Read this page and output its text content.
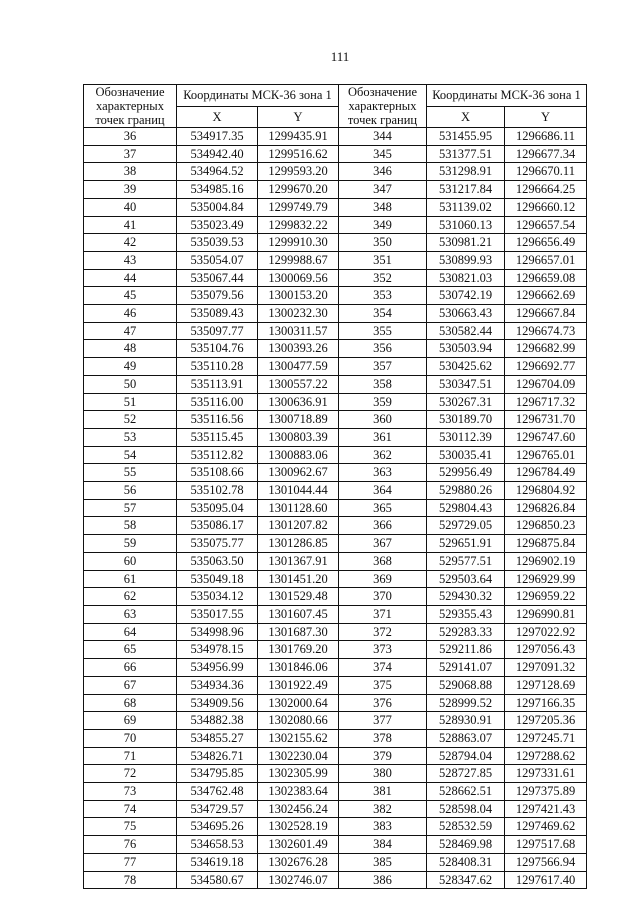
111
Обозначение характерных точек границ	Координаты МСК-36 зона 1		Обозначение характерных точек границ	Координаты МСК-36 зона 1	
	X	Y		X	Y
36	534917.35	1299435.91	344	531455.95	1296686.11
37	534942.40	1299516.62	345	531377.51	1296677.34
38	534964.52	1299593.20	346	531298.91	1296670.11
39	534985.16	1299670.20	347	531217.84	1296664.25
40	535004.84	1299749.79	348	531139.02	1296660.12
41	535023.49	1299832.22	349	531060.13	1296657.54
42	535039.53	1299910.30	350	530981.21	1296656.49
43	535054.07	1299988.67	351	530899.93	1296657.01
44	535067.44	1300069.56	352	530821.03	1296659.08
45	535079.56	1300153.20	353	530742.19	1296662.69
46	535089.43	1300232.30	354	530663.43	1296667.84
47	535097.77	1300311.57	355	530582.44	1296674.73
48	535104.76	1300393.26	356	530503.94	1296682.99
49	535110.28	1300477.59	357	530425.62	1296692.77
50	535113.91	1300557.22	358	530347.51	1296704.09
51	535116.00	1300636.91	359	530267.31	1296717.32
52	535116.56	1300718.89	360	530189.70	1296731.70
53	535115.45	1300803.39	361	530112.39	1296747.60
54	535112.82	1300883.06	362	530035.41	1296765.01
55	535108.66	1300962.67	363	529956.49	1296784.49
56	535102.78	1301044.44	364	529880.26	1296804.92
57	535095.04	1301128.60	365	529804.43	1296826.84
58	535086.17	1301207.82	366	529729.05	1296850.23
59	535075.77	1301286.85	367	529651.91	1296875.84
60	535063.50	1301367.91	368	529577.51	1296902.19
61	535049.18	1301451.20	369	529503.64	1296929.99
62	535034.12	1301529.48	370	529430.32	1296959.22
63	535017.55	1301607.45	371	529355.43	1296990.81
64	534998.96	1301687.30	372	529283.33	1297022.92
65	534978.15	1301769.20	373	529211.86	1297056.43
66	534956.99	1301846.06	374	529141.07	1297091.32
67	534934.36	1301922.49	375	529068.88	1297128.69
68	534909.56	1302000.64	376	528999.52	1297166.35
69	534882.38	1302080.66	377	528930.91	1297205.36
70	534855.27	1302155.62	378	528863.07	1297245.71
71	534826.71	1302230.04	379	528794.04	1297288.62
72	534795.85	1302305.99	380	528727.85	1297331.61
73	534762.48	1302383.64	381	528662.51	1297375.89
74	534729.57	1302456.24	382	528598.04	1297421.43
75	534695.26	1302528.19	383	528532.59	1297469.62
76	534658.53	1302601.49	384	528469.98	1297517.68
77	534619.18	1302676.28	385	528408.31	1297566.94
78	534580.67	1302746.07	386	528347.62	1297617.40
